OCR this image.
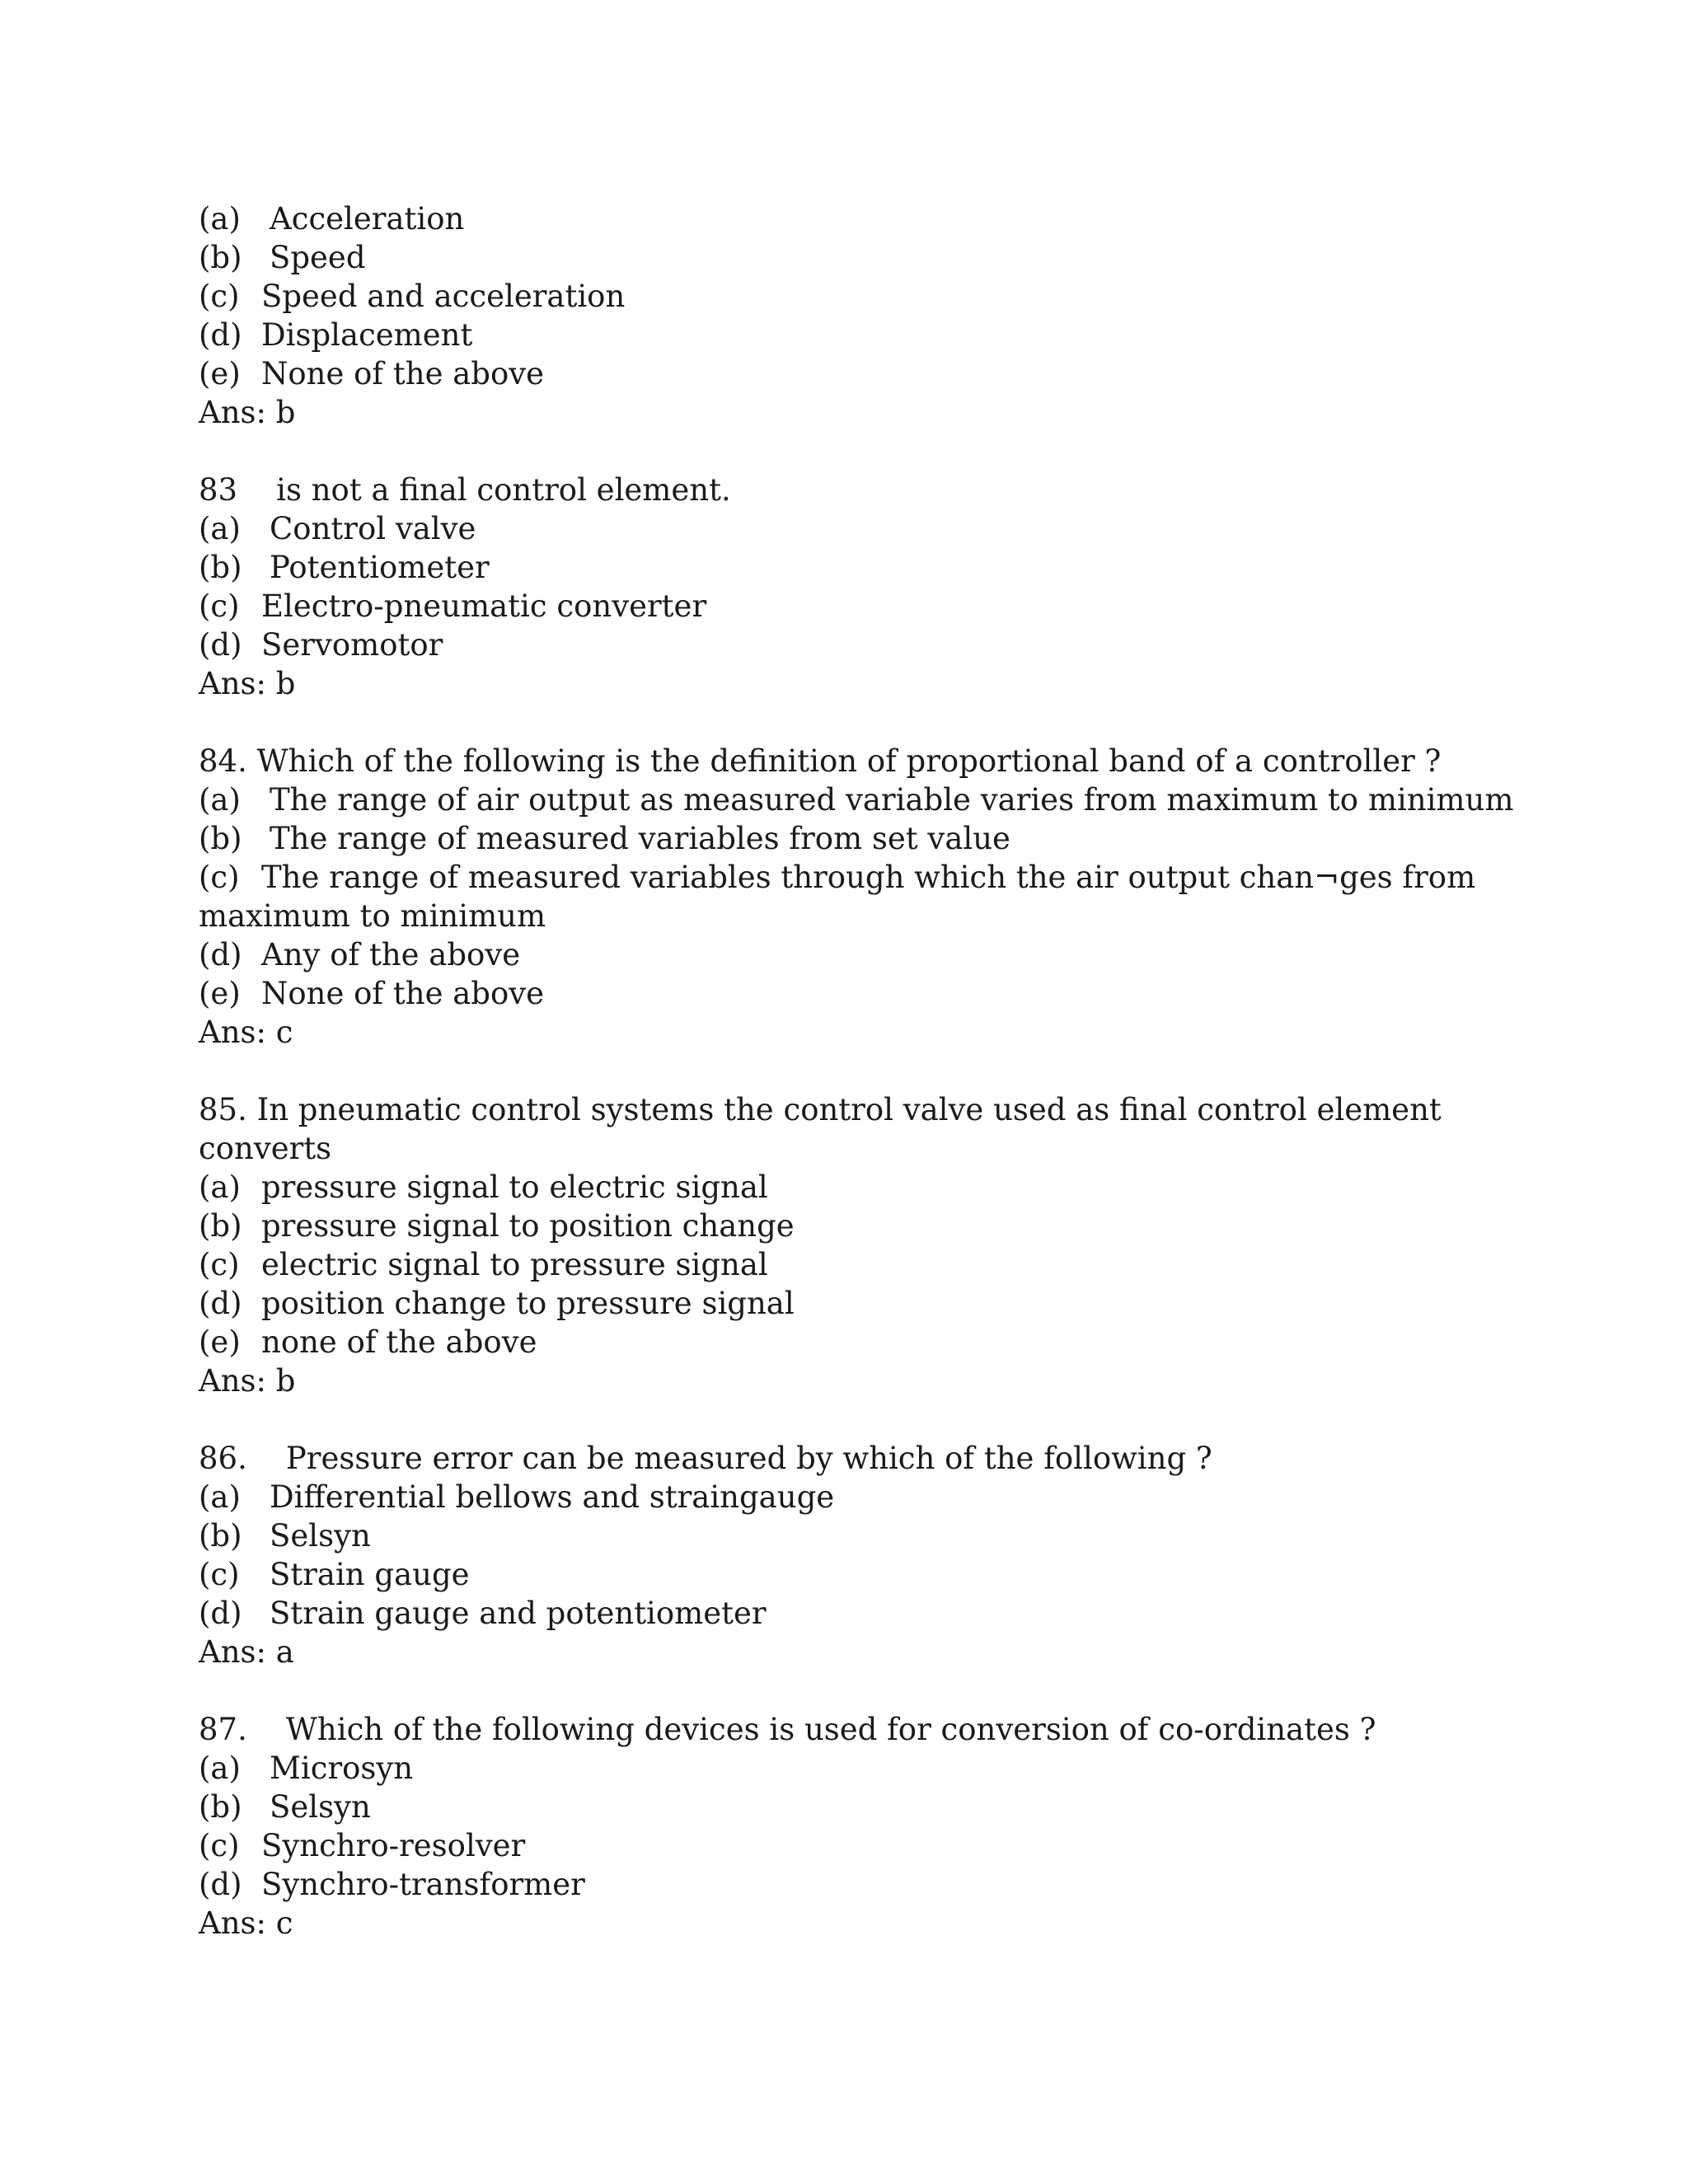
(a) Acceleration
(b) Speed
(c) Speed and acceleration
(d) Displacement
(e) None of the above
Ans: b
83    is not a final control element.
(a) Control valve
(b) Potentiometer
(c) Electro-pneumatic converter
(d) Servomotor
Ans: b
84. Which of the following is the definition of proportional band of a controller ?
(a) The range of air output as measured variable varies from maximum to minimum
(b) The range of measured variables from set value
(c) The range of measured variables through which the air output chan¬ges from maximum to minimum
(d) Any of the above
(e) None of the above
Ans: c
85. In pneumatic control systems the control valve used as final control element converts
(a) pressure signal to electric signal
(b) pressure signal to position change
(c) electric signal to pressure signal
(d) position change to pressure signal
(e) none of the above
Ans: b
86.    Pressure error can be measured by which of the following ?
(a) Differential bellows and straingauge
(b) Selsyn
(c) Strain gauge
(d) Strain gauge and potentiometer
Ans: a
87.    Which of the following devices is used for conversion of co-ordinates ?
(a) Microsyn
(b) Selsyn
(c) Synchro-resolver
(d) Synchro-transformer
Ans: c
